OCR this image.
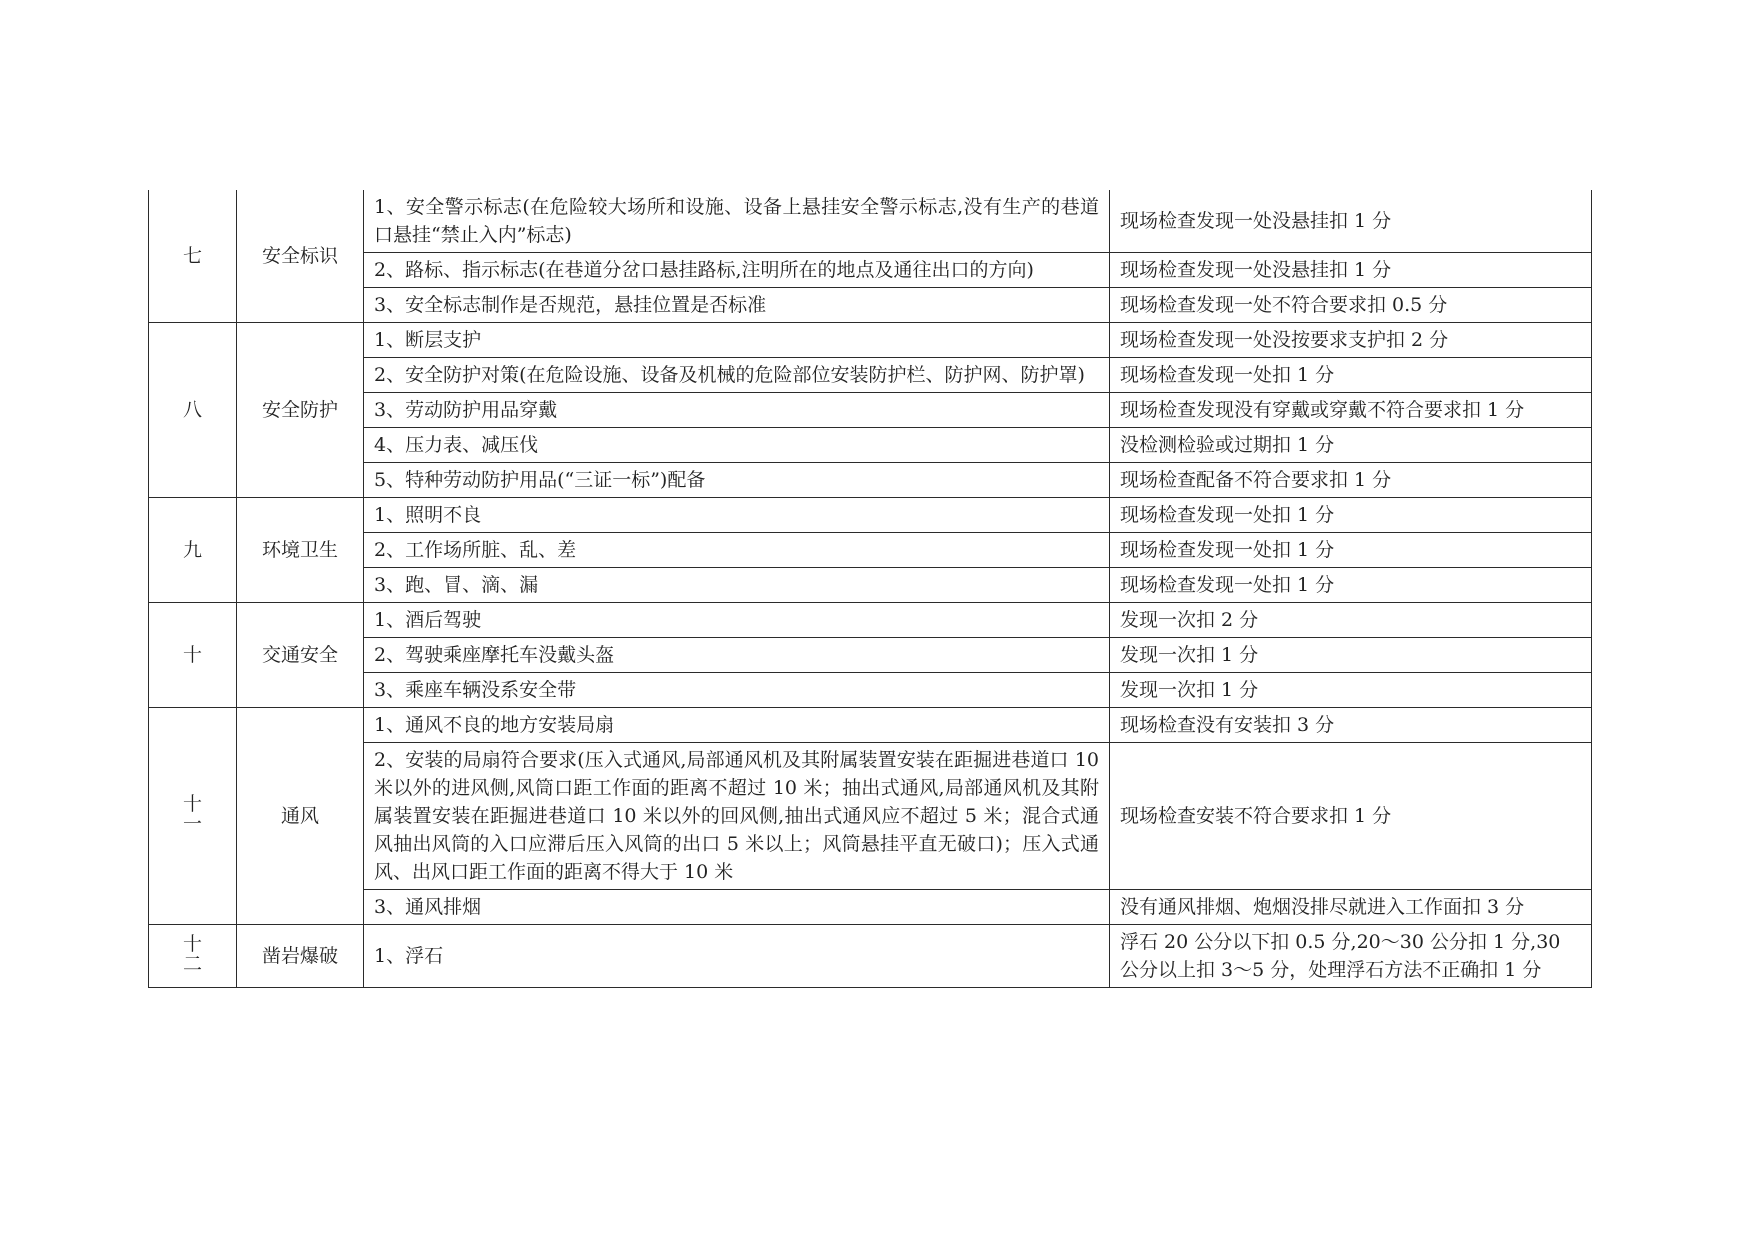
七	安全标识	1、安全警示标志(在危险较大场所和设施、设备上悬挂安全警示标志,没有生产的巷道口悬挂“禁止入内”标志)	现场检查发现一处没悬挂扣 1 分
		2、路标、指示标志(在巷道分岔口悬挂路标,注明所在的地点及通往出口的方向)	现场检查发现一处没悬挂扣 1 分
		3、安全标志制作是否规范，悬挂位置是否标准	现场检查发现一处不符合要求扣 0.5 分
八	安全防护	1、断层支护	现场检查发现一处没按要求支护扣 2 分
		2、安全防护对策(在危险设施、设备及机械的危险部位安装防护栏、防护网、防护罩)	现场检查发现一处扣 1 分
		3、劳动防护用品穿戴	现场检查发现没有穿戴或穿戴不符合要求扣 1 分
		4、压力表、减压伐	没检测检验或过期扣 1 分
		5、特种劳动防护用品(“三证一标”)配备	现场检查配备不符合要求扣 1 分
九	环境卫生	1、照明不良	现场检查发现一处扣 1 分
		2、工作场所脏、乱、差	现场检查发现一处扣 1 分
		3、跑、冒、滴、漏	现场检查发现一处扣 1 分
十	交通安全	1、酒后驾驶	发现一次扣 2 分
		2、驾驶乘座摩托车没戴头盔	发现一次扣 1 分
		3、乘座车辆没系安全带	发现一次扣 1 分
十一	通风	1、通风不良的地方安装局扇	现场检查没有安装扣 3 分
		2、安装的局扇符合要求(压入式通风,局部通风机及其附属装置安装在距掘进巷道口 10 米以外的进风侧,风筒口距工作面的距离不超过 10 米；抽出式通风,局部通风机及其附属装置安装在距掘进巷道口 10 米以外的回风侧,抽出式通风应不超过 5 米；混合式通风抽出风筒的入口应滞后压入风筒的出口 5 米以上；风筒悬挂平直无破口)；压入式通风、出风口距工作面的距离不得大于 10 米	现场检查安装不符合要求扣 1 分
		3、通风排烟	没有通风排烟、炮烟没排尽就进入工作面扣 3 分
十二	凿岩爆破	1、浮石	浮石 20 公分以下扣 0.5 分,20～30 公分扣 1 分,30 公分以上扣 3～5 分，处理浮石方法不正确扣 1 分
